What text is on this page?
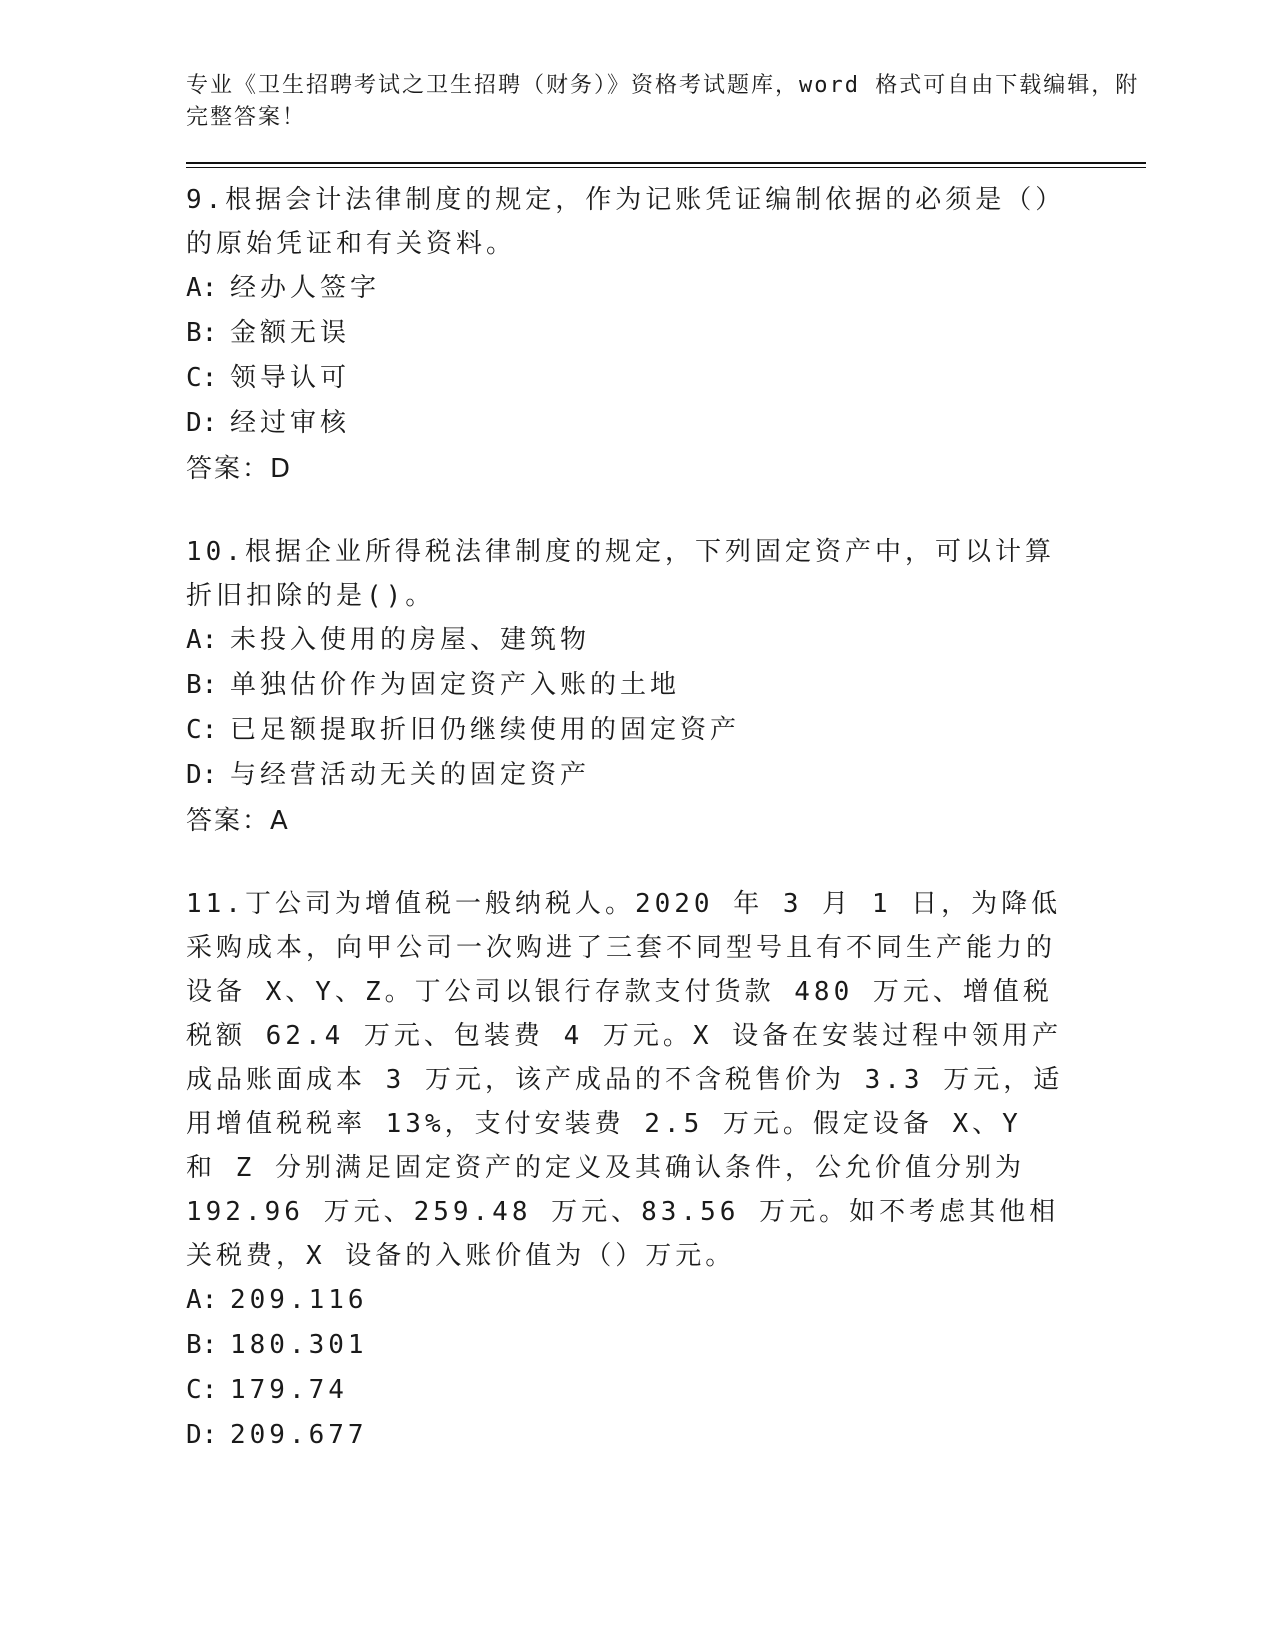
专业《卫生招聘考试之卫生招聘（财务）》资格考试题库，word 格式可自由下载编辑，附完整答案！

9.根据会计法律制度的规定，作为记账凭证编制依据的必须是（）的原始凭证和有关资料。

A: 经办人签字
B: 金额无误
C: 领导认可
D: 经过审核

答案：D

10.根据企业所得税法律制度的规定，下列固定资产中，可以计算折旧扣除的是()。

A: 未投入使用的房屋、建筑物
B: 单独估价作为固定资产入账的土地
C: 已足额提取折旧仍继续使用的固定资产
D: 与经营活动无关的固定资产

答案：A

11.丁公司为增值税一般纳税人。2020 年 3 月 1 日，为降低采购成本，向甲公司一次购进了三套不同型号且有不同生产能力的设备 X、Y、Z。丁公司以银行存款支付货款 480 万元、增值税税额 62.4 万元、包装费 4 万元。X 设备在安装过程中领用产成品账面成本 3 万元，该产成品的不含税售价为 3.3 万元，适用增值税税率 13%，支付安装费 2.5 万元。假定设备 X、Y 和 Z 分别满足固定资产的定义及其确认条件，公允价值分别为 192.96 万元、259.48 万元、83.56 万元。如不考虑其他相关税费，X 设备的入账价值为（）万元。

A: 209.116
B: 180.301
C: 179.74
D: 209.677
